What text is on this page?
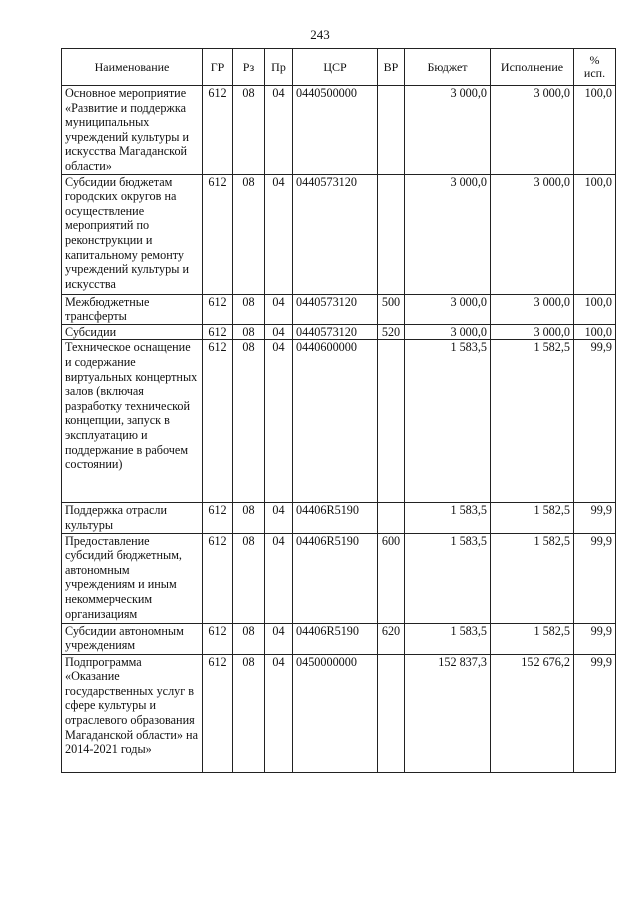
243
Наименование	ГР	Рз	Пр	ЦСР	ВР	Бюджет	Исполнение	%
исп.

Основное мероприятие «Развитие и поддержка муниципальных учреждений культуры и искусства Магаданской области»	612	08	04	0440500000		3 000,0	3 000,0	100,0
Субсидии бюджетам городских округов на осуществление мероприятий по реконструкции и капитальному ремонту учреждений культуры и искусства	612	08	04	0440573120		3 000,0	3 000,0	100,0
Межбюджетные трансферты	612	08	04	0440573120	500	3 000,0	3 000,0	100,0
Субсидии	612	08	04	0440573120	520	3 000,0	3 000,0	100,0
Техническое оснащение и содержание виртуальных концертных залов (включая разработку технической концепции, запуск в эксплуатацию и поддержание в рабочем состоянии)	612	08	04	0440600000		1 583,5	1 582,5	99,9
Поддержка отрасли культуры	612	08	04	04406R5190		1 583,5	1 582,5	99,9
Предоставление субсидий бюджетным, автономным учреждениям и иным некоммерческим организациям	612	08	04	04406R5190	600	1 583,5	1 582,5	99,9
Субсидии автономным учреждениям	612	08	04	04406R5190	620	1 583,5	1 582,5	99,9
Подпрограмма «Оказание государственных услуг в сфере культуры и отраслевого образования Магаданской области» на 2014-2021 годы»	612	08	04	0450000000		152 837,3	152 676,2	99,9
